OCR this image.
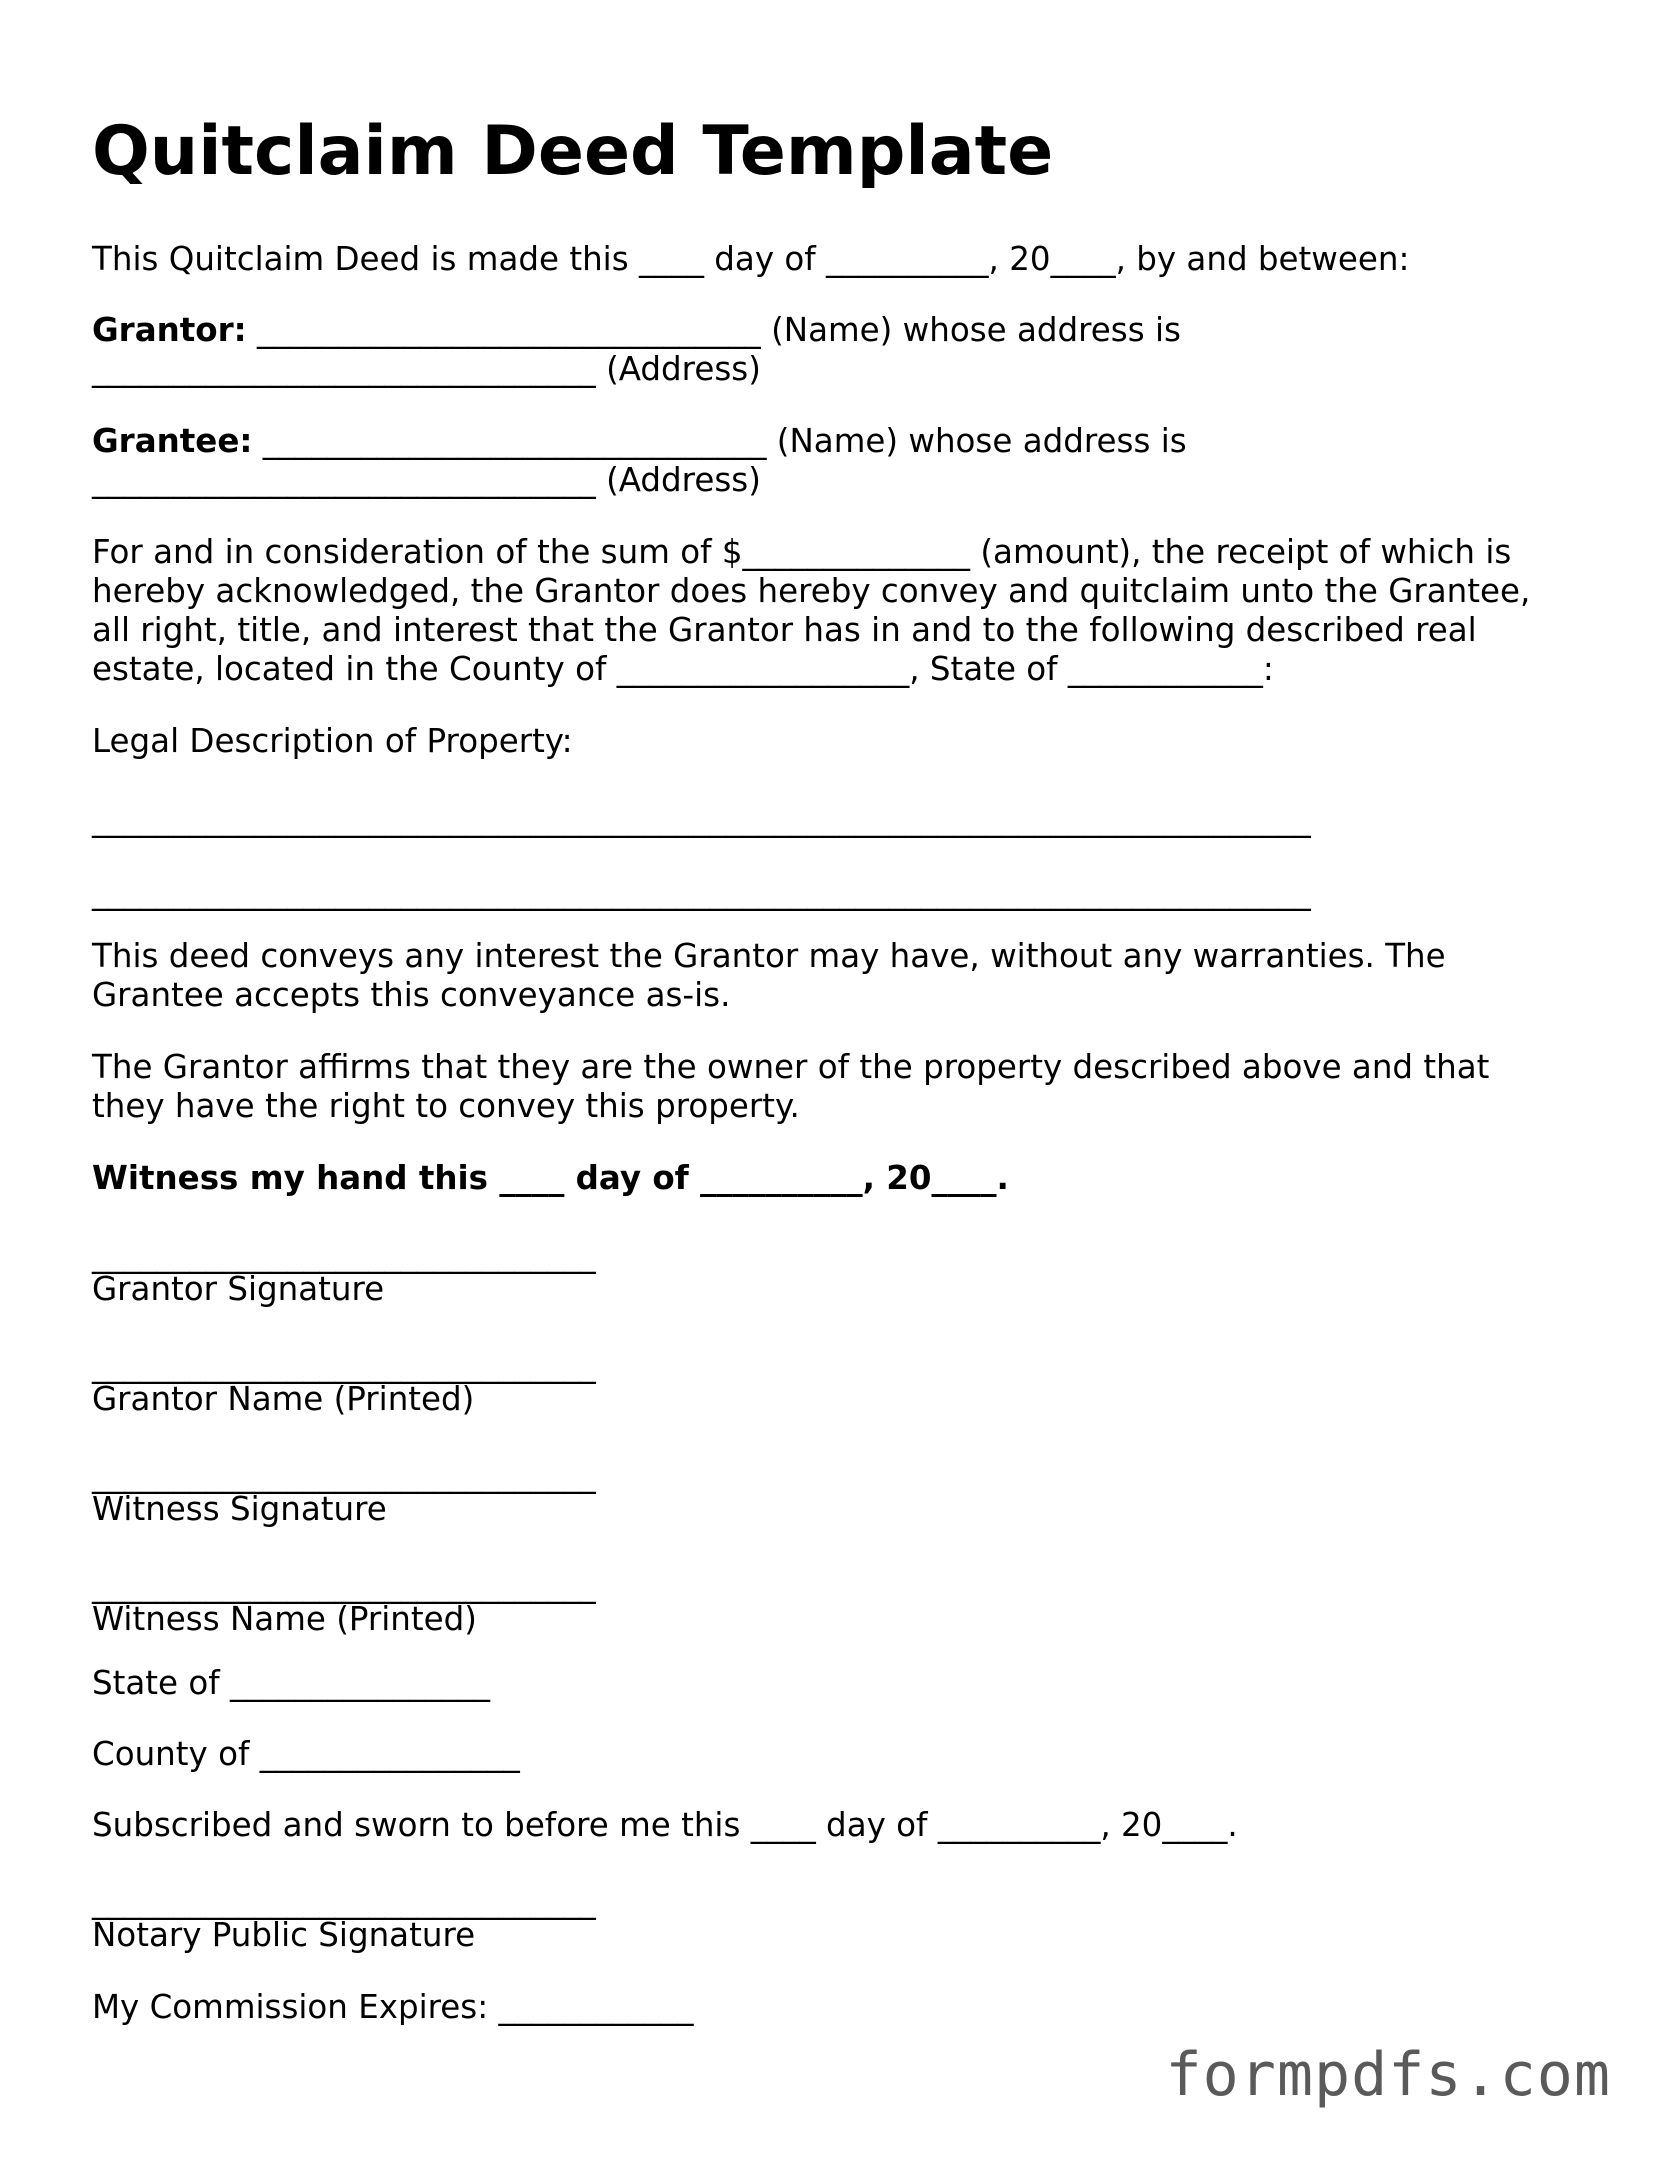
Quitclaim Deed Template

This Quitclaim Deed is made this ____ day of __________, 20____, by and between:

Grantor: _______________________________ (Name) whose address is

_______________________________ (Address)

Grantee: _______________________________ (Name) whose address is

_______________________________ (Address)

For and in consideration of the sum of $______________ (amount), the receipt of which is

hereby acknowledged, the Grantor does hereby convey and quitclaim unto the Grantee,

all right, title, and interest that the Grantor has in and to the following described real

estate, located in the County of __________________, State of ____________:

Legal Description of Property:

___________________________________________________________________________

___________________________________________________________________________

This deed conveys any interest the Grantor may have, without any warranties. The

Grantee accepts this conveyance as-is.

The Grantor affirms that they are the owner of the property described above and that

they have the right to convey this property.

Witness my hand this ____ day of __________, 20____.

_______________________________

Grantor Signature

_______________________________

Grantor Name (Printed)

_______________________________

Witness Signature

_______________________________

Witness Name (Printed)

State of ________________

County of ________________

Subscribed and sworn to before me this ____ day of __________, 20____.

_______________________________

Notary Public Signature

My Commission Expires: ____________

formpdfs.com
